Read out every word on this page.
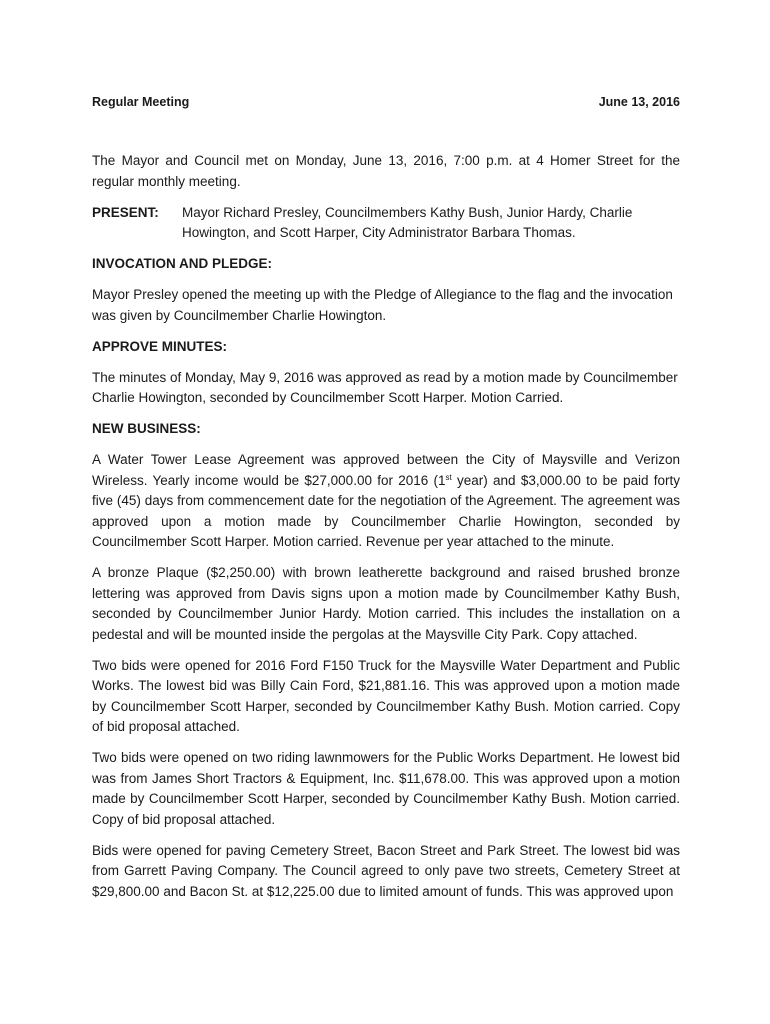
Regular Meeting	June 13, 2016

The Mayor and Council met on Monday, June 13, 2016, 7:00 p.m. at 4 Homer Street for the regular monthly meeting.

PRESENT:	Mayor Richard Presley, Councilmembers Kathy Bush, Junior Hardy, Charlie Howington, and Scott Harper, City Administrator Barbara Thomas.
INVOCATION AND PLEDGE:

Mayor Presley opened the meeting up with the Pledge of Allegiance to the flag and the invocation was given by Councilmember Charlie Howington.

APPROVE MINUTES:

The minutes of Monday, May 9, 2016 was approved as read by a motion made by Councilmember Charlie Howington, seconded by Councilmember Scott Harper. Motion Carried.

NEW BUSINESS:

A Water Tower Lease Agreement was approved between the City of Maysville and Verizon Wireless. Yearly income would be $27,000.00 for 2016 (1st year) and $3,000.00 to be paid forty five (45) days from commencement date for the negotiation of the Agreement. The agreement was approved upon a motion made by Councilmember Charlie Howington, seconded by Councilmember Scott Harper. Motion carried. Revenue per year attached to the minute.

A bronze Plaque ($2,250.00) with brown leatherette background and raised brushed bronze lettering was approved from Davis signs upon a motion made by Councilmember Kathy Bush, seconded by Councilmember Junior Hardy. Motion carried. This includes the installation on a pedestal and will be mounted inside the pergolas at the Maysville City Park. Copy attached.

Two bids were opened for 2016 Ford F150 Truck for the Maysville Water Department and Public Works. The lowest bid was Billy Cain Ford, $21,881.16. This was approved upon a motion made by Councilmember Scott Harper, seconded by Councilmember Kathy Bush. Motion carried. Copy of bid proposal attached.

Two bids were opened on two riding lawnmowers for the Public Works Department. He lowest bid was from James Short Tractors & Equipment, Inc. $11,678.00. This was approved upon a motion made by Councilmember Scott Harper, seconded by Councilmember Kathy Bush. Motion carried. Copy of bid proposal attached.

Bids were opened for paving Cemetery Street, Bacon Street and Park Street. The lowest bid was from Garrett Paving Company. The Council agreed to only pave two streets, Cemetery Street at $29,800.00 and Bacon St. at $12,225.00 due to limited amount of funds. This was approved upon
